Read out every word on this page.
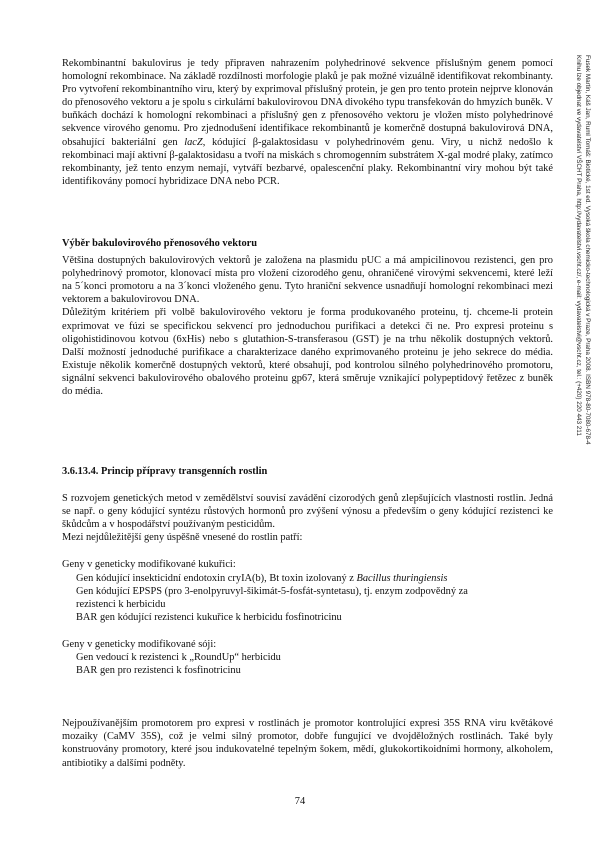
Rekombinantní bakulovirus je tedy připraven nahrazením polyhedrinové sekvence příslušným genem pomocí homologní rekombinace. Na základě rozdílnosti morfologie plaků je pak možné vizuálně identifikovat rekombinanty. Pro vytvoření rekombinantního viru, který by exprimoval příslušný protein, je gen pro tento protein nejprve klonován do přenosového vektoru a je spolu s cirkulární bakulovirovou DNA divokého typu transfekován do hmyzích buněk. V buňkách dochází k homologní rekombinaci a příslušný gen z přenosového vektoru je vložen místo polyhedrinové sekvence virového genomu. Pro zjednodušení identifikace rekombinantů je komerčně dostupná bakulovirová DNA, obsahující bakteriální gen lacZ, kódující β-galaktosidasu v polyhedrinovém genu. Viry, u nichž nedošlo k rekombinaci mají aktivní β-galaktosidasu a tvoří na miskách s chromogenním substrátem X-gal modré plaky, zatímco rekombinanty, jež tento enzym nemají, vytváří bezbarvé, opalescenční plaky. Rekombinantní viry mohou být také identifikovány pomocí hybridizace DNA nebo PCR.

Výběr bakulovirového přenosového vektoru

Většina dostupných bakulovirových vektorů je založena na plasmidu pUC a má ampicilinovou rezistenci, gen pro polyhedrinový promotor, klonovací místa pro vložení cizorodého genu, ohraničené virovými sekvencemi, které leží na 5´konci promotoru a na 3´konci vloženého genu. Tyto hraniční sekvence usnadňují homologní rekombinaci mezi vektorem a bakulovirovou DNA.

Důležitým kritériem při volbě bakulovirového vektoru je forma produkovaného proteinu, tj. chceme-li protein exprimovat ve fúzi se specifickou sekvencí pro jednoduchou purifikaci a detekci či ne. Pro expresi proteinu s oligohistidinovou kotvou (6xHis) nebo s glutathion-S-transferasou (GST) je na trhu několik dostupných vektorů. Další možností jednoduché purifikace a charakterizace daného exprimovaného proteinu je jeho sekrece do média. Existuje několik komerčně dostupných vektorů, které obsahují, pod kontrolou silného polyhedrinového promotoru, signální sekvenci bakulovirového obalového proteinu gp67, která směruje vznikající polypeptidový řetězec z buněk do média.

3.6.13.4. Princip přípravy transgenních rostlin

S rozvojem genetických metod v zemědělství souvisí zavádění cizorodých genů zlepšujících vlastnosti rostlin. Jedná se např. o geny kódující syntézu růstových hormonů pro zvýšení výnosu a především o geny kódující rezistenci ke škůdcům a v hospodářství používaným pesticidům.

Mezi nejdůležitější geny úspěšně vnesené do rostlin patří:

Geny v geneticky modifikované kukuřici:

Gen kódující insekticidní endotoxin cryIA(b), Bt toxin izolovaný z Bacillus thuringiensis

Gen kódující EPSPS (pro 3-enolpyruvyl-šikimát-5-fosfát-syntetasu), tj. enzym zodpovědný za
rezistenci k herbicidu

BAR gen kódující rezistenci kukuřice k herbicidu fosfinotricinu

Geny v geneticky modifikované sóji:

Gen vedoucí k rezistenci k „RoundUp“ herbicidu

BAR gen pro rezistenci k fosfinotricinu

Nejpoužívanějším promotorem pro expresi v rostlinách je promotor kontrolující expresi 35S RNA viru květákové mozaiky (CaMV 35S), což je velmi silný promotor, dobře fungující ve dvojděložných rostlinách. Také byly konstruovány promotory, které jsou indukovatelné tepelným šokem, mědí, glukokortikoidními hormony, alkoholem, antibiotiky a dalšími podněty.

74
Fusek Martin, Káš Jan, Ruml Tomáš: Biotické, 1st ed. Vysoká škola chemicko-technologická v Praze, Praha 2008. ISBN 978-80-7080-678-4
Knihu lze objednat ve vydavatelství VŠCHT Praha, http://vydavatelstvi.vscht.cz/, e-mail: vydavatelstvi@vscht.cz, tel.: (+420) 220 443 211
